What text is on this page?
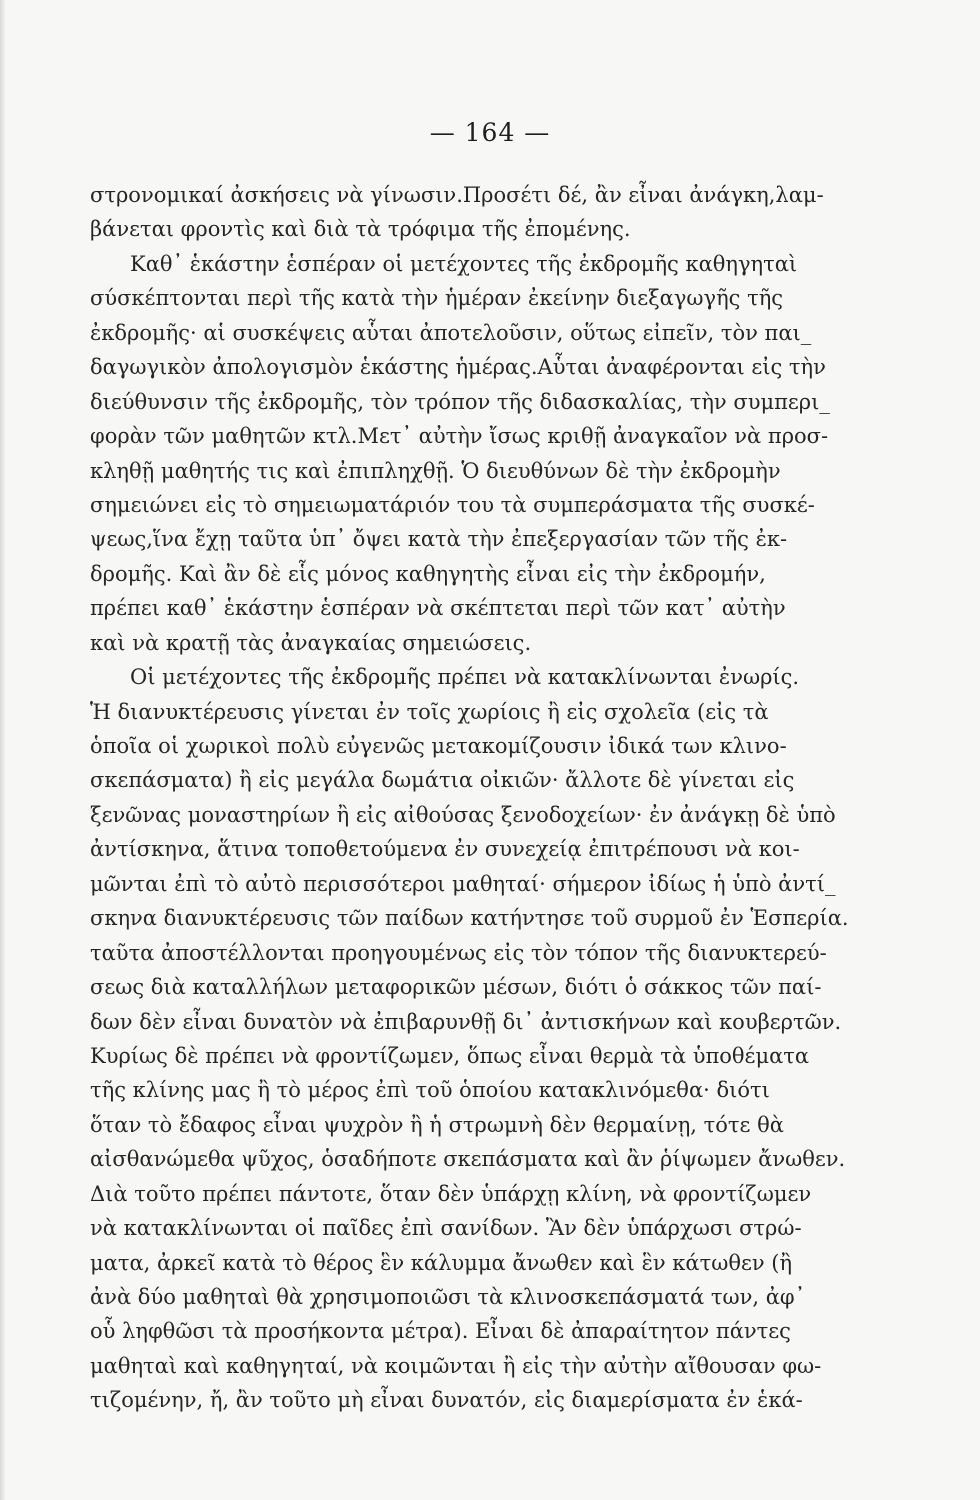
— 164 —
στρονομικαί ἀσκήσεις νὰ γίνωσιν.Προσέτι δέ, ἂν εἶναι ἀνάγκη,λαμ-
βάνεται φροντὶς καὶ διὰ τὰ τρόφιμα τῆς ἐπομένης.
Καθ᾽ ἑκάστην ἑσπέραν οἱ μετέχοντες τῆς ἐκδρομῆς καθηγηταὶ
σύσκέπτονται περὶ τῆς κατὰ τὴν ἡμέραν ἐκείνην διεξαγωγῆς τῆς
ἐκδρομῆς· αἱ συσκέψεις αὗται ἀποτελοῦσιν, οὕτως εἰπεῖν, τὸν παι_
δαγωγικὸν ἀπολογισμὸν ἑκάστης ἡμέρας.Αὗται ἀναφέρονται εἰς τὴν
διεύθυνσιν τῆς ἐκδρομῆς, τὸν τρόπον τῆς διδασκαλίας, τὴν συμπερι_
φορὰν τῶν μαθητῶν κτλ.Μετ᾽ αὐτὴν ἴσως κριθῇ ἀναγκαῖον νὰ προσ-
κληθῇ μαθητής τις καὶ ἐπιπληχθῇ. Ὁ διευθύνων δὲ τὴν ἐκδρομὴν
σημειώνει εἰς τὸ σημειωματάριόν του τὰ συμπεράσματα τῆς συσκέ-
ψεως,ἵνα ἔχῃ ταῦτα ὑπ᾽ ὄψει κατὰ τὴν ἐπεξεργασίαν τῶν τῆς ἐκ-
δρομῆς. Καὶ ἂν δὲ εἷς μόνος καθηγητὴς εἶναι εἰς τὴν ἐκδρομήν,
πρέπει καθ᾽ ἑκάστην ἑσπέραν νὰ σκέπτεται περὶ τῶν κατ᾽ αὐτὴν
καὶ νὰ κρατῇ τὰς ἀναγκαίας σημειώσεις.
Οἱ μετέχοντες τῆς ἐκδρομῆς πρέπει νὰ κατακλίνωνται ἐνωρίς.
Ἡ διανυκτέρευσις γίνεται ἐν τοῖς χωρίοις ἢ εἰς σχολεῖα (εἰς τὰ
ὁποῖα οἱ χωρικοὶ πολὺ εὐγενῶς μετακομίζουσιν ἰδικά των κλινο-
σκεπάσματα) ἢ εἰς μεγάλα δωμάτια οἰκιῶν· ἄλλοτε δὲ γίνεται εἰς
ξενῶνας μοναστηρίων ἢ εἰς αἰθούσας ξενοδοχείων· ἐν ἀνάγκῃ δὲ ὑπὸ
ἀντίσκηνα, ἅτινα τοποθετούμενα ἐν συνεχείᾳ ἐπιτρέπουσι νὰ κοι-
μῶνται ἐπὶ τὸ αὐτὸ περισσότεροι μαθηταί· σήμερον ἰδίως ἡ ὑπὸ ἀντί_
σκηνα διανυκτέρευσις τῶν παίδων κατήντησε τοῦ συρμοῦ ἐν Ἑσπερία.
ταῦτα ἀποστέλλονται προηγουμένως εἰς τὸν τόπον τῆς διανυκτερεύ-
σεως διὰ καταλλήλων μεταφορικῶν μέσων, διότι ὁ σάκκος τῶν παί-
δων δὲν εἶναι δυνατὸν νὰ ἐπιβαρυνθῇ δι᾽ ἀντισκήνων καὶ κουβερτῶν.
Κυρίως δὲ πρέπει νὰ φροντίζωμεν, ὅπως εἶναι θερμὰ τὰ ὑποθέματα
τῆς κλίνης μας ἢ τὸ μέρος ἐπὶ τοῦ ὁποίου κατακλινόμεθα· διότι
ὅταν τὸ ἔδαφος εἶναι ψυχρὸν ἢ ἡ στρωμνὴ δὲν θερμαίνῃ, τότε θὰ
αἰσθανώμεθα ψῦχος, ὁσαδήποτε σκεπάσματα καὶ ἂν ῥίψωμεν ἄνωθεν.
Διὰ τοῦτο πρέπει πάντοτε, ὅταν δὲν ὑπάρχῃ κλίνη, νὰ φροντίζωμεν
νὰ κατακλίνωνται οἱ παῖδες ἐπὶ σανίδων. Ἂν δὲν ὑπάρχωσι στρώ-
ματα, ἀρκεῖ κατὰ τὸ θέρος ἓν κάλυμμα ἄνωθεν καὶ ἓν κάτωθεν (ἢ
ἀνὰ δύο μαθηταὶ θὰ χρησιμοποιῶσι τὰ κλινοσκεπάσματά των, ἀφ᾽
οὗ ληφθῶσι τὰ προσήκοντα μέτρα). Εἶναι δὲ ἀπαραίτητον πάντες
μαθηταὶ καὶ καθηγηταί, νὰ κοιμῶνται ἢ εἰς τὴν αὐτὴν αἴθουσαν φω-
τιζομένην, ἤ, ἂν τοῦτο μὴ εἶναι δυνατόν, εἰς διαμερίσματα ἐν ἑκά-
